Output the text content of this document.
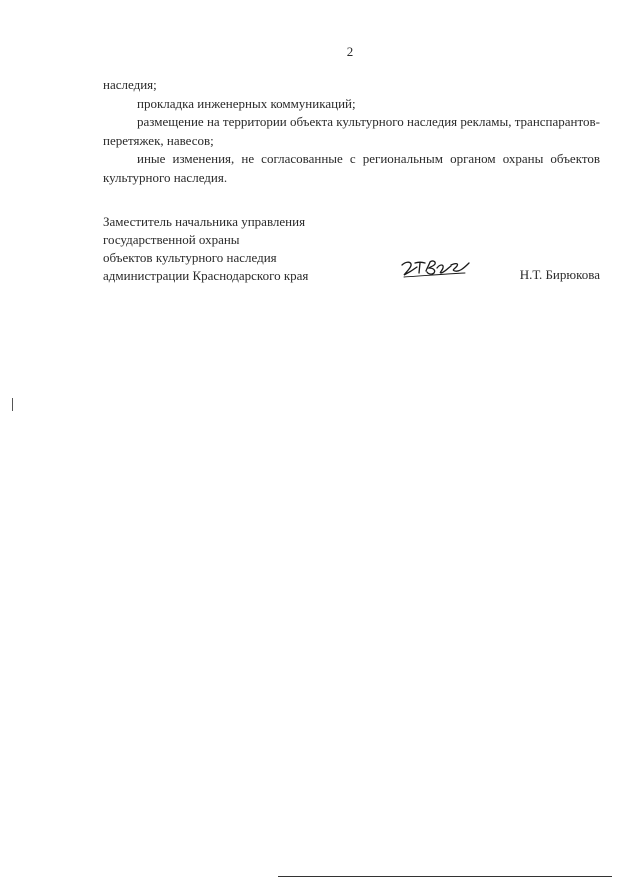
2

наследия;

прокладка инженерных коммуникаций;

размещение на территории объекта культурного наследия рекламы, транспарантов-перетяжек, навесов;

иные изменения, не согласованные с региональным органом охраны объектов культурного наследия.

Заместитель начальника управления
государственной охраны
объектов культурного наследия
администрации Краснодарского края	Н.Т. Бирюкова
